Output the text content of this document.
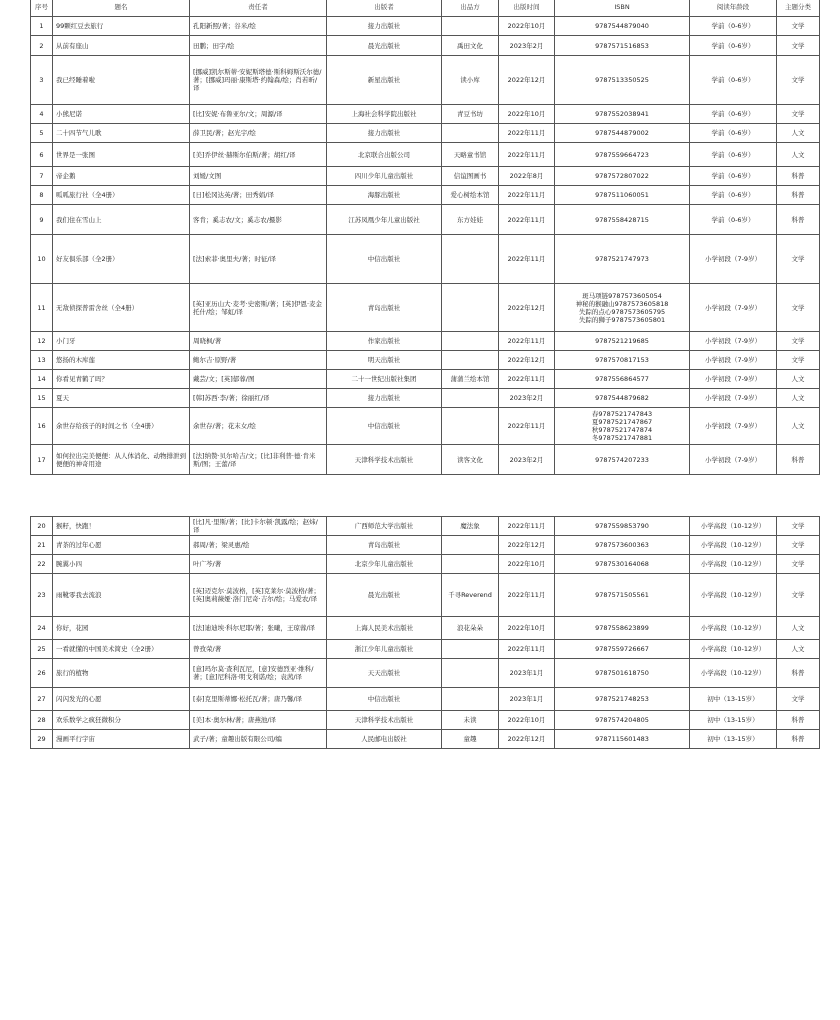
序号	题名	责任者	出版者	出品方	出版时间	ISBN	阅读年龄段	主题分类
1	99颗红豆去旅行	孔阳新照/著；谷米/绘	接力出版社		2022年10月	9787544879040	学前（0-6岁）	文学
2	从前有座山	田鹏；田宇/绘	晨光出版社	禹田文化	2023年2月	9787571516853	学前（0-6岁）	文学
3	我已经睡着啦	[挪威]凯尔斯蒂·安妮斯塔德·斯科姆斯沃尔德/著；[挪威]玛丽·康斯塔·约翰森/绘；肖若昕/译	新星出版社	读小库	2022年12月	9787513350525	学前（0-6岁）	文学
4	小熊尼诺	[比]安妮·布鲁亚尔/文；周源/译	上海社会科学院出版社	青豆书坊	2022年10月	9787552038941	学前（0-6岁）	文学
5	二十四节气儿歌	薛卫民/著；赵光宇/绘	接力出版社		2022年11月	9787544879002	学前（0-6岁）	人文
6	世界是一张图	[美]乔伊丝·赫斯尔伯斯/著；胡红/译	北京联合出版公司	天略童书馆	2022年11月	9787559664723	学前（0-6岁）	人文
7	帝企鹅	刘媛/文图	四川少年儿童出版社	信谊图画书	2022年8月	9787572807022	学前（0-6岁）	科普
8	呱呱旅行社（全4册）	[日]松冈达英/著；田秀娟/译	海豚出版社	爱心树绘本馆	2022年11月	9787511060051	学前（0-6岁）	科普
9	我们住在雪山上	客肯；奚志农/文；奚志农/摄影	江苏凤凰少年儿童出版社	东方娃娃	2022年11月	9787558428715	学前（0-6岁）	科普
10	好友俱乐部（全2册）	[法]索菲·奥里夫/著；时征/译	中信出版社		2022年11月	9787521747973	小学初段（7-9岁）	文学
11	无敌侦探普雷舍丝（全4册）	[英]亚历山大·麦考·史密斯/著；[英]伊恩·麦金托什/绘；邹虹/译	青岛出版社		2022年12月	斑马项链9787573605054
神秘的猴融山9787573605818
失踪的点心9787573605795
失踪的狮子9787573605801	小学初段（7-9岁）	文学
12	小门牙	周晓枫/著	作家出版社		2022年11月	9787521219685	小学初段（7-9岁）	文学
13	悠扬的木库莲	鲍尔吉·原野/著	明天出版社		2022年12月	9787570817153	小学初段（7-9岁）	文学
14	你看见青鹤了吗？	戴芸/文；[英]郁蓉/图	二十一世纪出版社集团	蒲蒲兰绘本馆	2022年11月	9787556864577	小学初段（7-9岁）	人文
15	夏天	[韩]苏西·李/著；徐丽红/译	接力出版社		2023年2月	9787544879682	小学初段（7-9岁）	人文
16	余世存给孩子的时间之书（全4册）	余世存/著；花末女/绘	中信出版社		2022年11月	春9787521747843
夏9787521747867
秋9787521747874
冬9787521747881	小学初段（7-9岁）	人文
17	如何拉出完美便便：从人体消化、动物排泄到便便的神奇用途	[法]纳赞·贝尔哈吉/文；[比]非利普·德·肯米斯/图；王蕾/译	天津科学技术出版社	读客文化	2023年2月	9787574207233	小学初段（7-9岁）	科普
20	猴籽，快跑！	[比]凡·里斯/著；[比]卡尔顿·凯露/绘；赵炜/译	广西师范大学出版社	魔法象	2022年11月	9787559853790	小学高段（10-12岁）	文学
21	青茶的过年心愿	郝周/著；梁灵惠/绘	青岛出版社		2022年12月	9787573600363	小学高段（10-12岁）	文学
22	腕翼小四	叶广芩/著	北京少年儿童出版社		2022年10月	9787530164068	小学高段（10-12岁）	文学
23	雨靴零我去流浪	[英]迈克尔·莫波格，[英]克莱尔·莫波格/著；[英]奥莉薇娅·洛门尼奇·吉尔/绘；马爱农/译	晨光出版社	千寻Reverend	2022年11月	9787571505561	小学高段（10-12岁）	文学
24	你好，花园	[法]迪迪埃·科尔尼耶/著；张曦，王琼蓉/译	上海人民美术出版社	浪花朵朵	2022年10月	9787558623899	小学高段（10-12岁）	人文
25	一看就懂的中国美术简史（全2册）	曾孜荣/著	浙江少年儿童出版社		2022年11月	9787559726667	小学高段（10-12岁）	人文
26	旅行的植物	[意]玛尔莫·查利瓦尼，[意]安德烈亚·维科/著；[意]尼科洛·明戈利诺/绘；袁茜/译	天天出版社		2023年1月	9787501618750	小学高段（10-12岁）	科普
27	闪闪发光的心愿	[泰]克里斯蒂娜·松托瓦/著；唐乃馨/译	中信出版社		2023年1月	9787521748253	初中（13-15岁）	文学
28	欢乐数学之疯狂微积分	[美]本·奥尔林/著；唐燕池/译	天津科学技术出版社	未读	2022年10月	9787574204805	初中（13-15岁）	科普
29	漫画平行宇宙	武子/著；童趣出版有限公司/编	人民邮电出版社	童趣	2022年12月	9787115601483	初中（13-15岁）	科普
